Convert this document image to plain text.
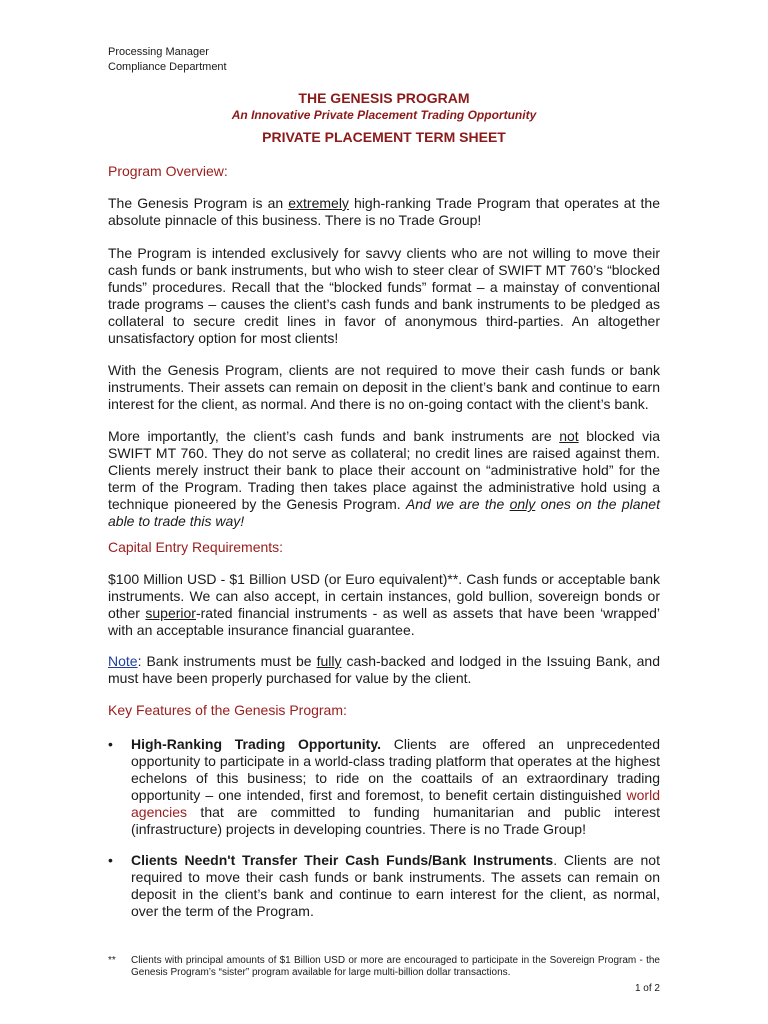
Processing Manager
Compliance Department
THE GENESIS PROGRAM
An Innovative Private Placement Trading Opportunity
PRIVATE PLACEMENT TERM SHEET
Program Overview:
The Genesis Program is an extremely high-ranking Trade Program that operates at the absolute pinnacle of this business. There is no Trade Group!
The Program is intended exclusively for savvy clients who are not willing to move their cash funds or bank instruments, but who wish to steer clear of SWIFT MT 760’s “blocked funds” procedures. Recall that the “blocked funds” format – a mainstay of conventional trade programs – causes the client’s cash funds and bank instruments to be pledged as collateral to secure credit lines in favor of anonymous third-parties. An altogether unsatisfactory option for most clients!
With the Genesis Program, clients are not required to move their cash funds or bank instruments. Their assets can remain on deposit in the client’s bank and continue to earn interest for the client, as normal. And there is no on-going contact with the client’s bank.
More importantly, the client’s cash funds and bank instruments are not blocked via SWIFT MT 760. They do not serve as collateral; no credit lines are raised against them. Clients merely instruct their bank to place their account on “administrative hold” for the term of the Program. Trading then takes place against the administrative hold using a technique pioneered by the Genesis Program. And we are the only ones on the planet able to trade this way!
Capital Entry Requirements:
$100 Million USD - $1 Billion USD (or Euro equivalent)**. Cash funds or acceptable bank instruments. We can also accept, in certain instances, gold bullion, sovereign bonds or other superior-rated financial instruments - as well as assets that have been ‘wrapped’ with an acceptable insurance financial guarantee.
Note: Bank instruments must be fully cash-backed and lodged in the Issuing Bank, and must have been properly purchased for value by the client.
Key Features of the Genesis Program:
• High-Ranking Trading Opportunity. Clients are offered an unprecedented opportunity to participate in a world-class trading platform that operates at the highest echelons of this business; to ride on the coattails of an extraordinary trading opportunity – one intended, first and foremost, to benefit certain distinguished world agencies that are committed to funding humanitarian and public interest (infrastructure) projects in developing countries. There is no Trade Group!
• Clients Needn't Transfer Their Cash Funds/Bank Instruments. Clients are not required to move their cash funds or bank instruments. The assets can remain on deposit in the client’s bank and continue to earn interest for the client, as normal, over the term of the Program.
** Clients with principal amounts of $1 Billion USD or more are encouraged to participate in the Sovereign Program - the Genesis Program’s “sister” program available for large multi-billion dollar transactions.
1 of 2
